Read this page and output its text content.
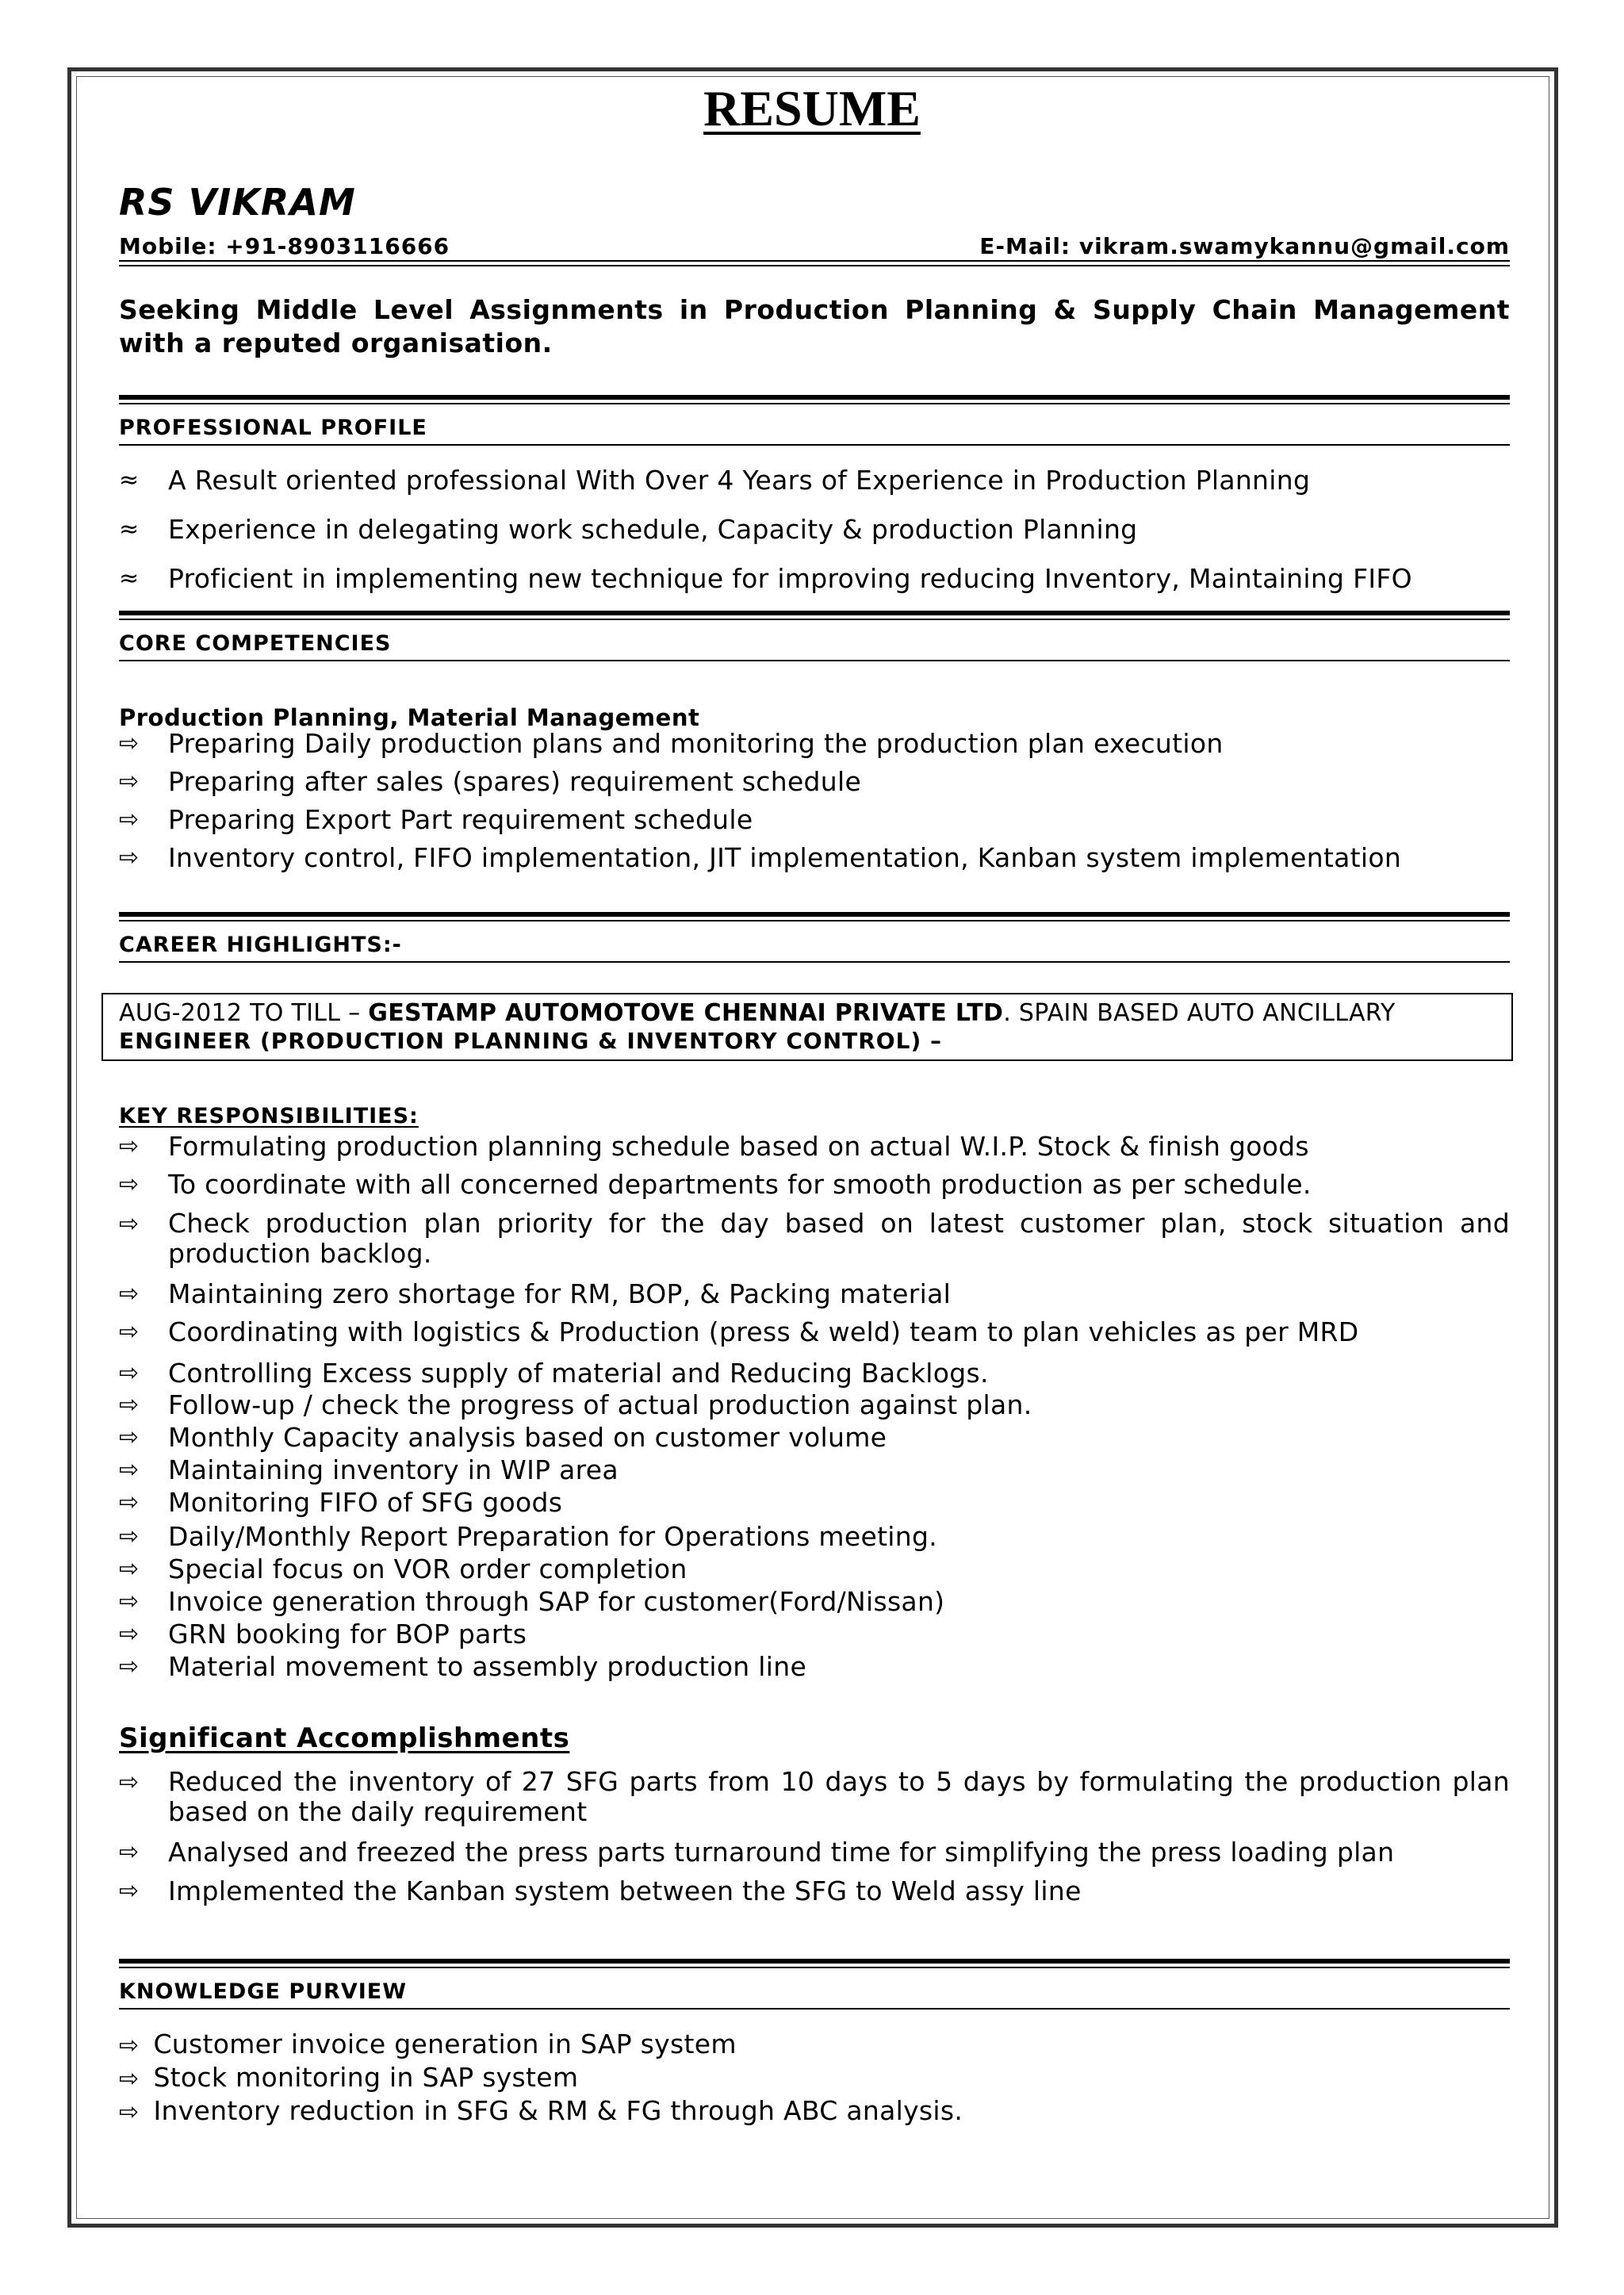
RESUME
RS VIKRAM
Mobile: +91-8903116666	E-Mail: vikram.swamykannu@gmail.com
Seeking Middle Level Assignments in Production Planning & Supply Chain Management with a reputed organisation.
PROFESSIONAL PROFILE
≈	A Result oriented professional With Over 4 Years of Experience in Production Planning
≈	Experience in delegating work schedule, Capacity & production Planning
≈	Proficient in implementing new technique for improving reducing Inventory, Maintaining FIFO
CORE COMPETENCIES
Production Planning, Material Management
⇨	Preparing Daily production plans and monitoring the production plan execution
⇨	Preparing after sales (spares) requirement schedule
⇨	Preparing Export Part requirement schedule
⇨	Inventory control, FIFO implementation, JIT implementation, Kanban system implementation
CAREER HIGHLIGHTS:-
AUG-2012 TO TILL – GESTAMP AUTOMOTOVE CHENNAI PRIVATE LTD. SPAIN BASED AUTO ANCILLARY
ENGINEER (PRODUCTION PLANNING & INVENTORY CONTROL) –
KEY RESPONSIBILITIES:
⇨	Formulating production planning schedule based on actual W.I.P. Stock & finish goods
⇨	To coordinate with all concerned departments for smooth production as per schedule.
⇨	Check production plan priority for the day based on latest customer plan, stock situation and production backlog.
⇨	Maintaining zero shortage for RM, BOP, & Packing material
⇨	Coordinating with logistics & Production (press & weld) team to plan vehicles as per MRD
⇨	Controlling Excess supply of material and Reducing Backlogs.
⇨	Follow-up / check the progress of actual production against plan.
⇨	Monthly Capacity analysis based on customer volume
⇨	Maintaining inventory in WIP area
⇨	Monitoring FIFO of SFG goods
⇨	Daily/Monthly Report Preparation for Operations meeting.
⇨	Special focus on VOR order completion
⇨	Invoice generation through SAP for customer(Ford/Nissan)
⇨	GRN booking for BOP parts
⇨	Material movement to assembly production line
Significant Accomplishments
⇨	Reduced the inventory of 27 SFG parts from 10 days to 5 days by formulating the production plan based on the daily requirement
⇨	Analysed and freezed the press parts turnaround time for simplifying the press loading plan
⇨	Implemented the Kanban system between the SFG to Weld assy line
KNOWLEDGE PURVIEW
⇨ Customer invoice generation in SAP system
⇨ Stock monitoring in SAP system
⇨ Inventory reduction in SFG & RM & FG through ABC analysis.
